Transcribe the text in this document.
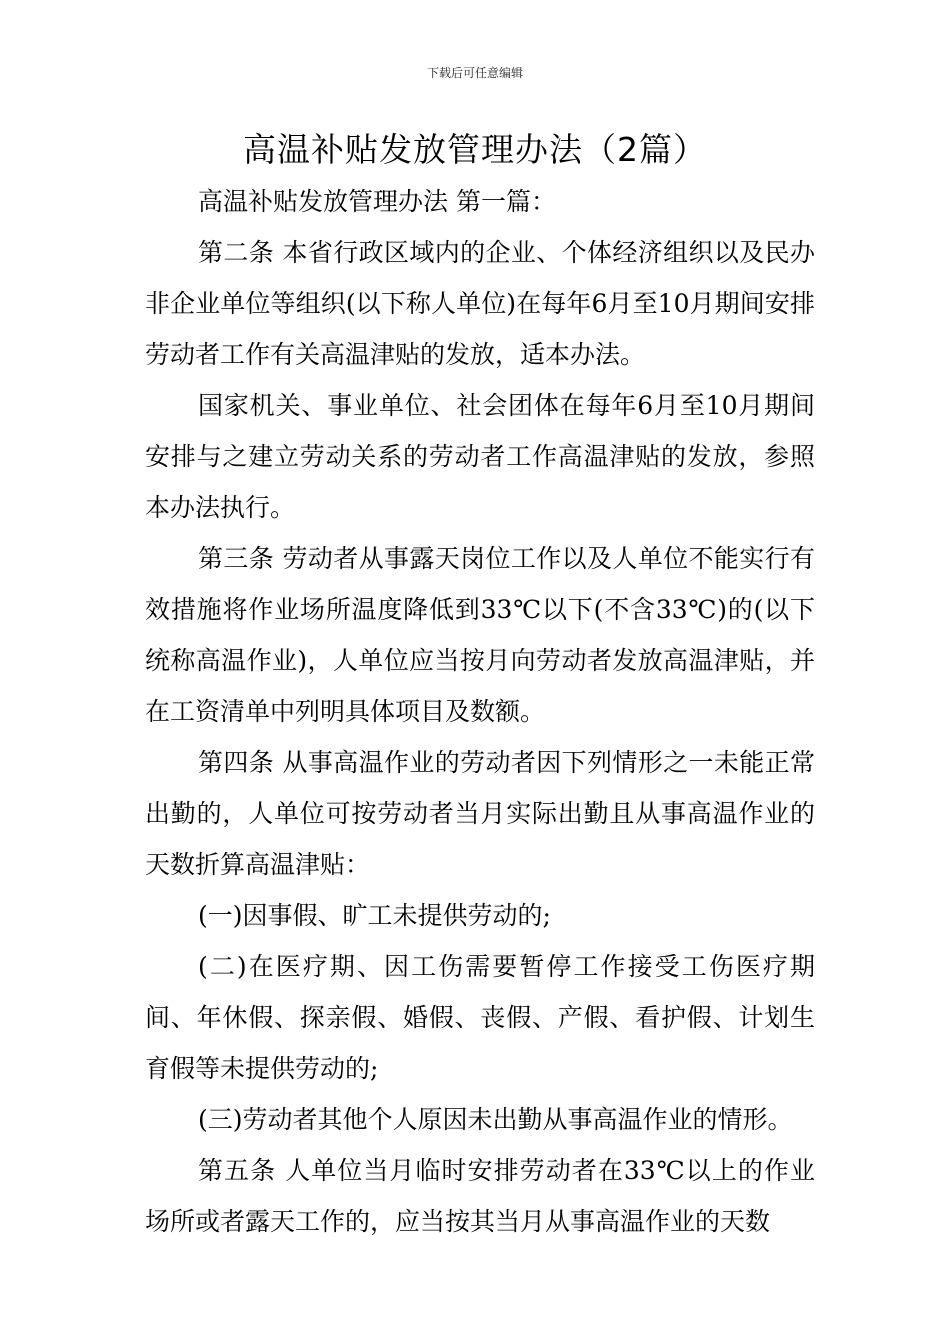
下载后可任意编辑
高温补贴发放管理办法（2篇）

高温补贴发放管理办法 第一篇：

第二条 本省行政区域内的企业、个体经济组织以及民办非企业单位等组织(以下称人单位)在每年6月至10月期间安排劳动者工作有关高温津贴的发放，适本办法。

国家机关、事业单位、社会团体在每年6月至10月期间安排与之建立劳动关系的劳动者工作高温津贴的发放，参照本办法执行。

第三条 劳动者从事露天岗位工作以及人单位不能实行有效措施将作业场所温度降低到33℃以下(不含33℃)的(以下统称高温作业)，人单位应当按月向劳动者发放高温津贴，并在工资清单中列明具体项目及数额。

第四条 从事高温作业的劳动者因下列情形之一未能正常出勤的，人单位可按劳动者当月实际出勤且从事高温作业的天数折算高温津贴：

(一)因事假、旷工未提供劳动的;

(二)在医疗期、因工伤需要暂停工作接受工伤医疗期间、年休假、探亲假、婚假、丧假、产假、看护假、计划生育假等未提供劳动的;

(三)劳动者其他个人原因未出勤从事高温作业的情形。

第五条 人单位当月临时安排劳动者在33℃以上的作业场所或者露天工作的，应当按其当月从事高温作业的天数
